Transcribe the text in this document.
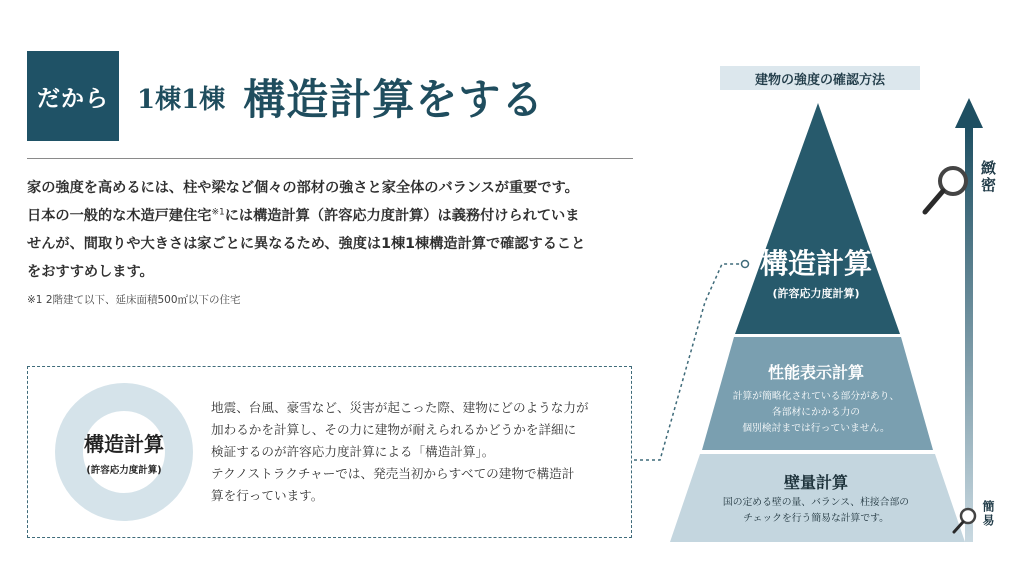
だから 1棟1棟 構造計算をする

家の強度を高めるには、柱や梁など個々の部材の強さと家全体のバランスが重要です。

日本の一般的な木造戸建住宅$^{※1}$には構造計算（許容応力度計算）は義務付けられていま

せんが、間取りや大きさは家ごとに異なるため、強度は1棟1棟構造計算で確認すること

をおすすめします。

※1 2階建て以下、延床面積500㎡以下の住宅
構造計算
(許容応力度計算)

地震、台風、豪雪など、災害が起こった際、建物にどのような力が

加わるかを計算し、その力に建物が耐えられるかどうかを詳細に

検証するのが許容応力度計算による「構造計算」。

テクノストラクチャーでは、発売当初からすべての建物で構造計

算を行っています。

建物の強度の確認方法
構造計算
(許容応力度計算)
性能表示計算
計算が簡略化されている部分があり、
各部材にかかる力の
個別検討までは行っていません。
壁量計算
国の定める壁の量、バランス、柱接合部の
チェックを行う簡易な計算です。
緻密
簡易
